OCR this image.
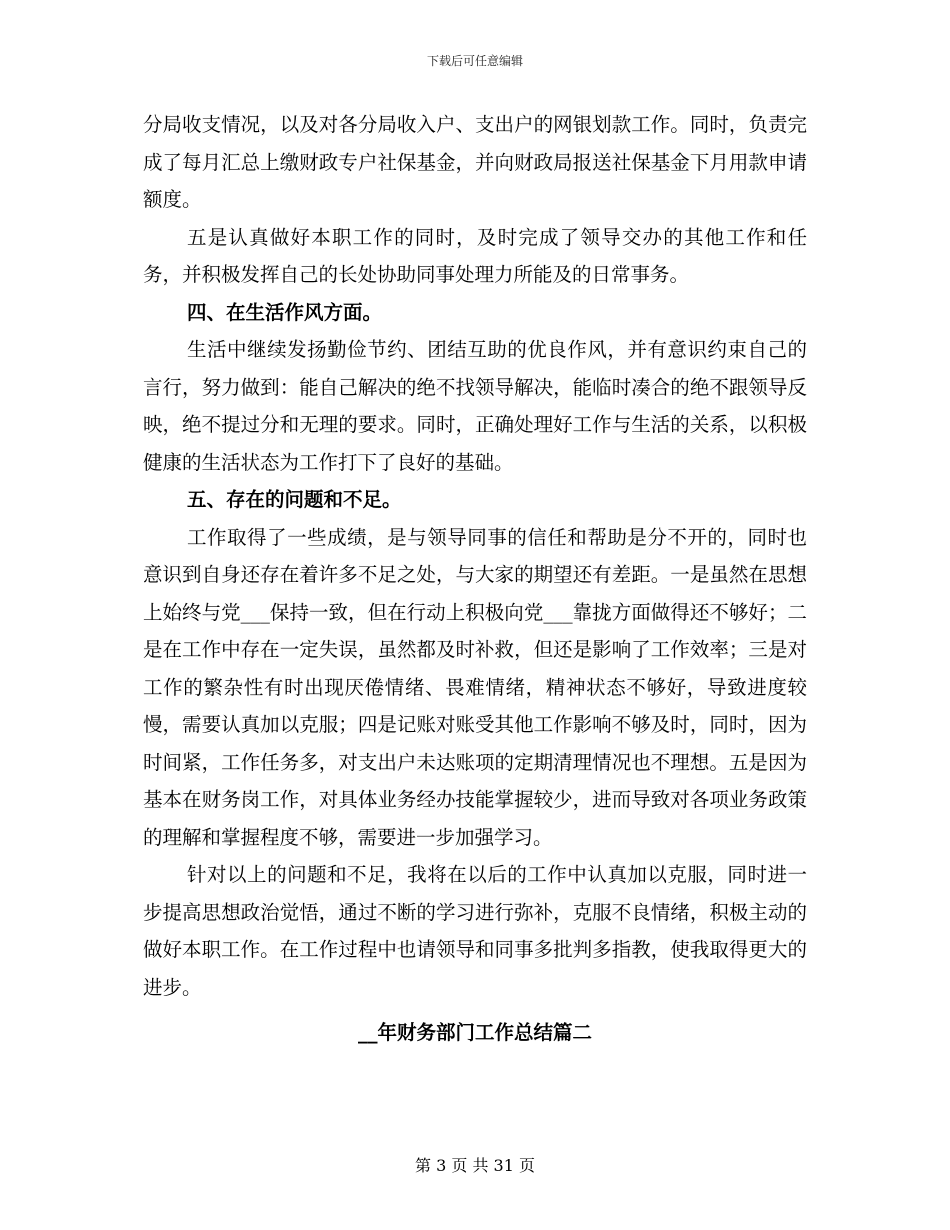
下载后可任意编辑

分局收支情况，以及对各分局收入户、支出户的网银划款工作。同时，负责完成了每月汇总上缴财政专户社保基金，并向财政局报送社保基金下月用款申请额度。

五是认真做好本职工作的同时，及时完成了领导交办的其他工作和任务，并积极发挥自己的长处协助同事处理力所能及的日常事务。

四、在生活作风方面。

生活中继续发扬勤俭节约、团结互助的优良作风，并有意识约束自己的言行，努力做到：能自己解决的绝不找领导解决，能临时凑合的绝不跟领导反映，绝不提过分和无理的要求。同时，正确处理好工作与生活的关系，以积极健康的生活状态为工作打下了良好的基础。

五、存在的问题和不足。

工作取得了一些成绩，是与领导同事的信任和帮助是分不开的，同时也意识到自身还存在着许多不足之处，与大家的期望还有差距。一是虽然在思想上始终与党___保持一致，但在行动上积极向党___靠拢方面做得还不够好；二是在工作中存在一定失误，虽然都及时补救，但还是影响了工作效率；三是对工作的繁杂性有时出现厌倦情绪、畏难情绪，精神状态不够好，导致进度较慢，需要认真加以克服；四是记账对账受其他工作影响不够及时，同时，因为时间紧，工作任务多，对支出户未达账项的定期清理情况也不理想。五是因为基本在财务岗工作，对具体业务经办技能掌握较少，进而导致对各项业务政策的理解和掌握程度不够，需要进一步加强学习。

针对以上的问题和不足，我将在以后的工作中认真加以克服，同时进一步提高思想政治觉悟，通过不断的学习进行弥补，克服不良情绪，积极主动的做好本职工作。在工作过程中也请领导和同事多批判多指教，使我取得更大的进步。

__年财务部门工作总结篇二

第 3 页 共 31 页
